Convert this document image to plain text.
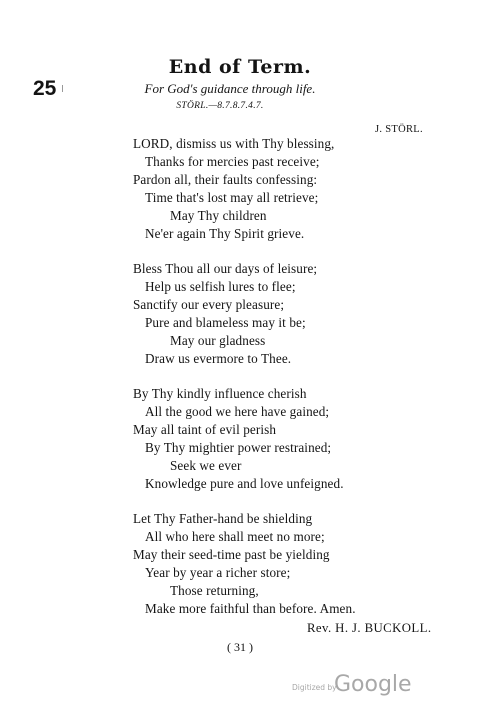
End of Term.
25	For God's guidance through life.
STÖRL.—8.7.8.7.4.7.
J. STÖRL.
LORD, dismiss us with Thy blessing,
Thanks for mercies past receive;
Pardon all, their faults confessing:
Time that's lost may all retrieve;
May Thy children
Ne'er again Thy Spirit grieve.
Bless Thou all our days of leisure;
Help us selfish lures to flee;
Sanctify our every pleasure;
Pure and blameless may it be;
May our gladness
Draw us evermore to Thee.
By Thy kindly influence cherish
All the good we here have gained;
May all taint of evil perish
By Thy mightier power restrained;
Seek we ever
Knowledge pure and love unfeigned.
Let Thy Father-hand be shielding
All who here shall meet no more;
May their seed-time past be yielding
Year by year a richer store;
Those returning,
Make more faithful than before. Amen.
Rev. H. J. BUCKOLL.
( 31 )
Digitized by
Google
